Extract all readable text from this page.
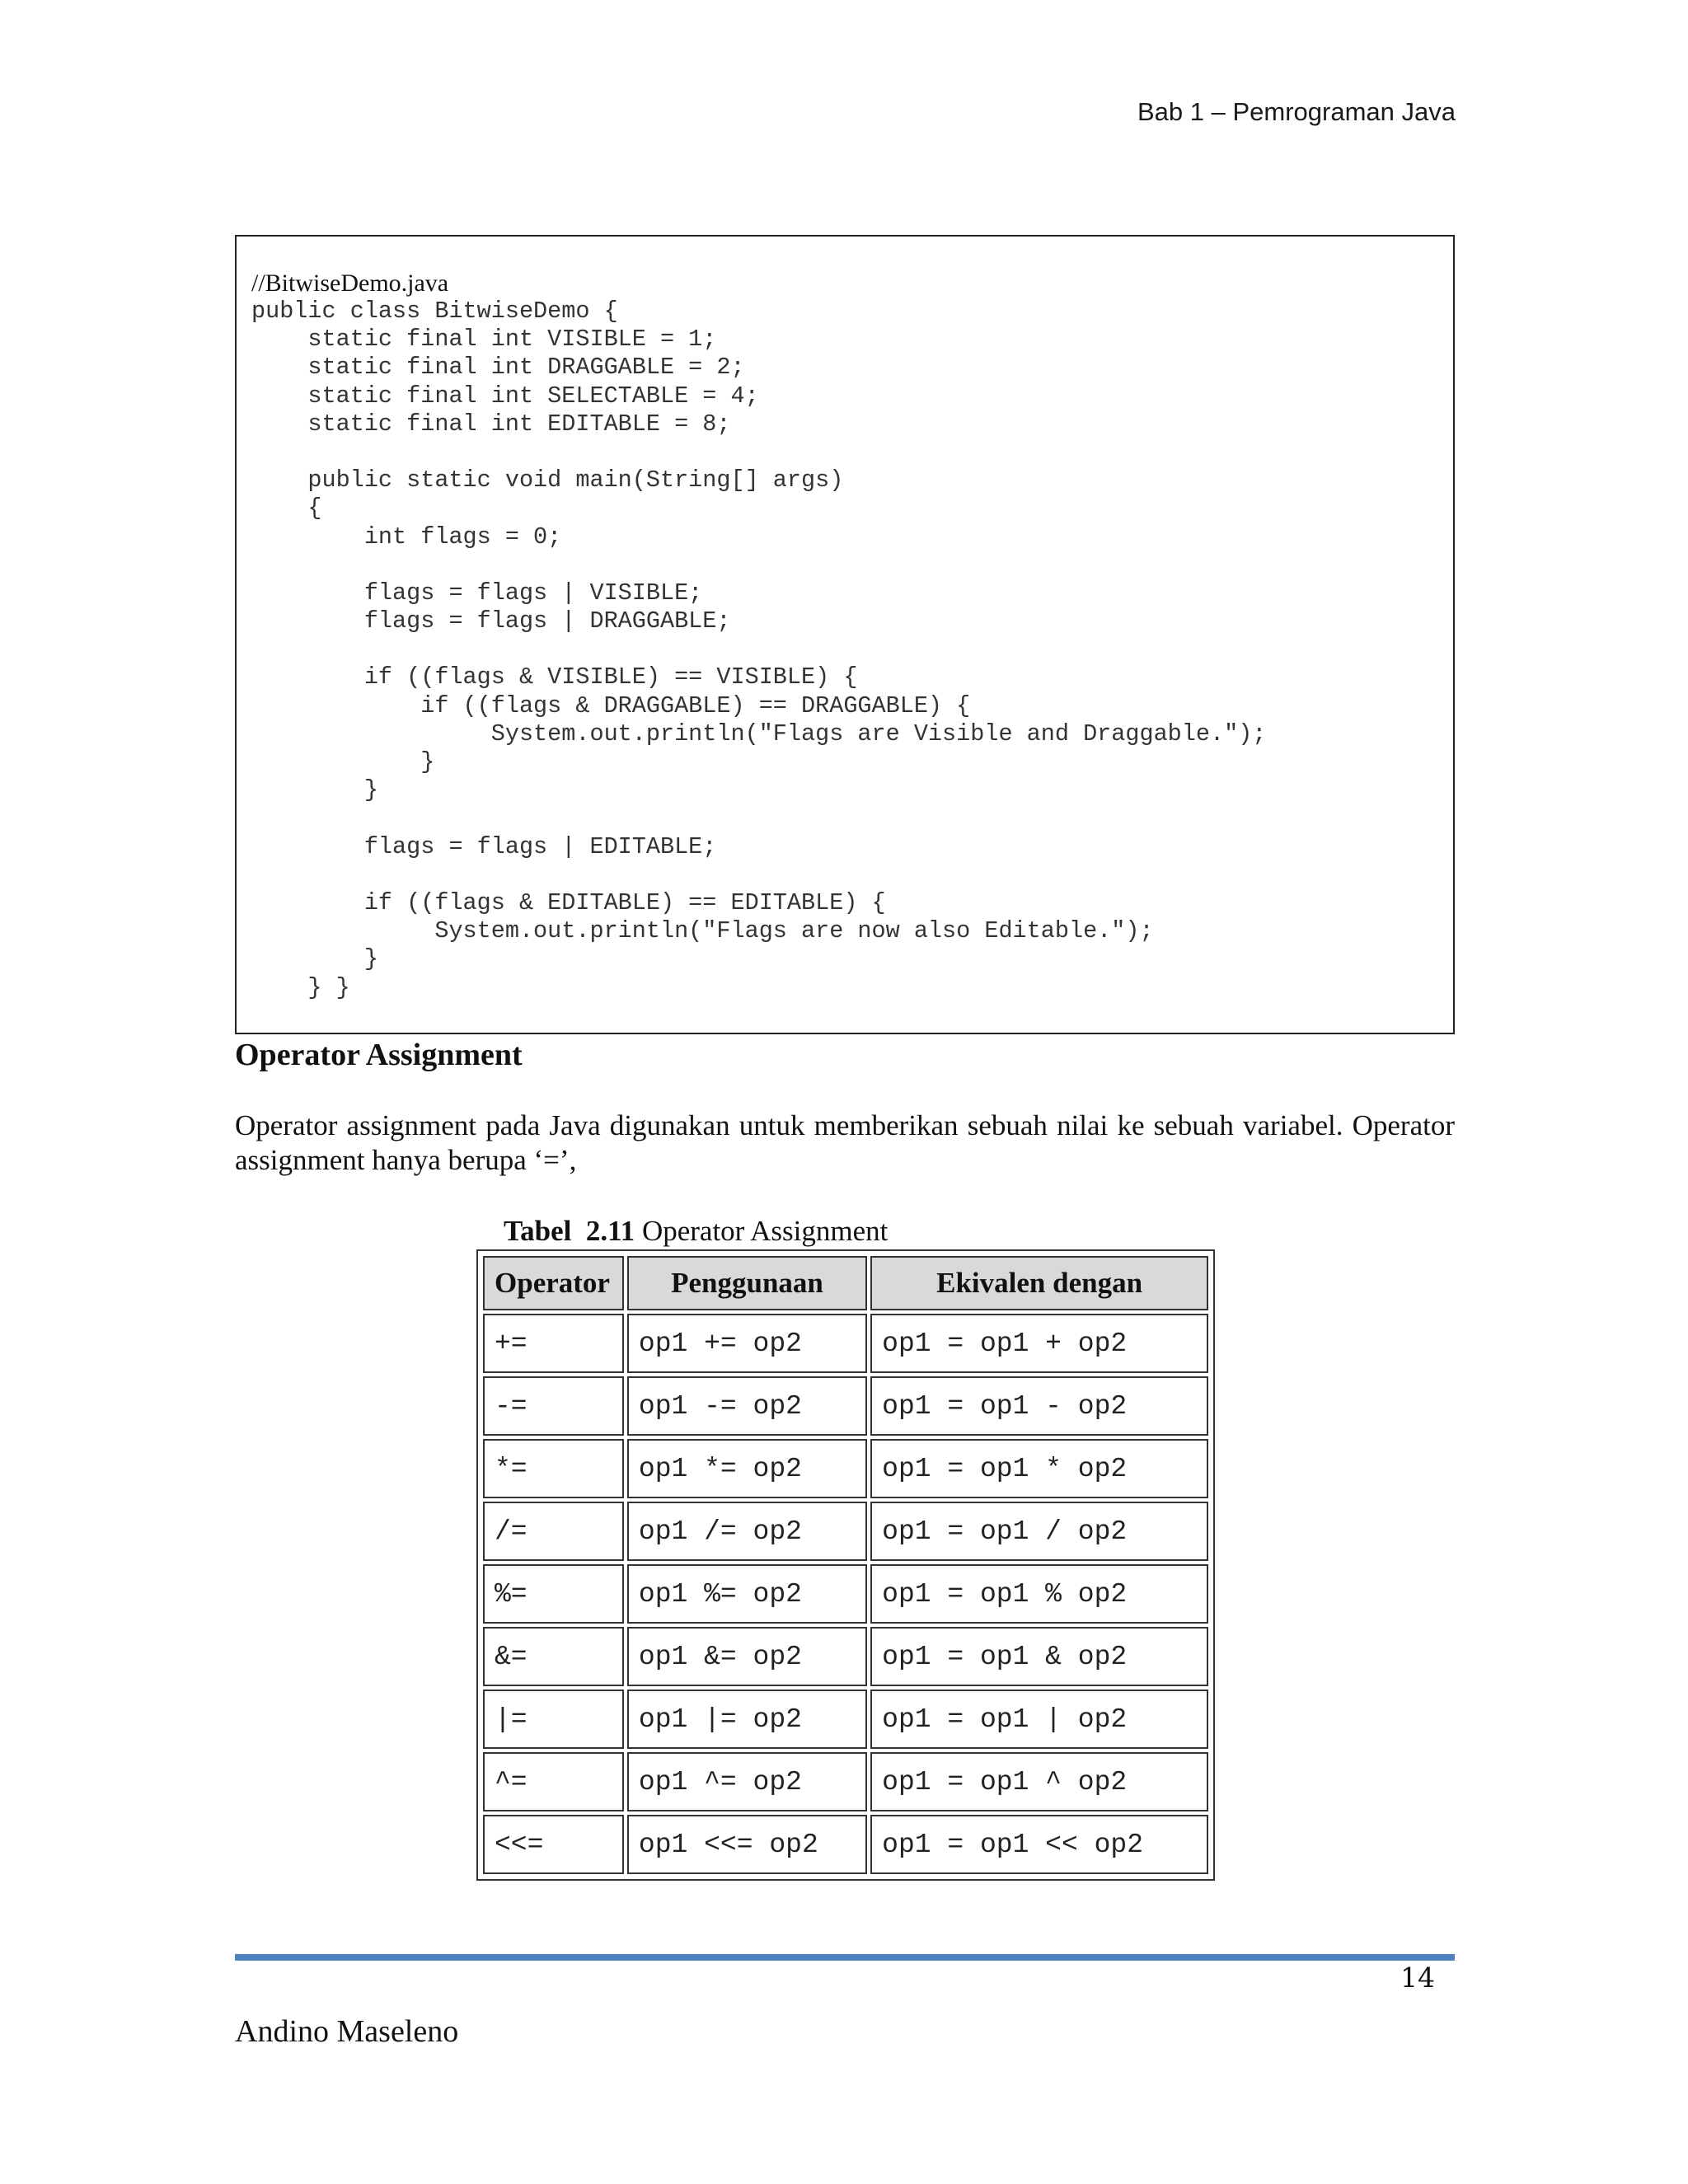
Bab 1 – Pemrograman Java
//BitwiseDemo.java
public class BitwiseDemo {
static final int VISIBLE = 1;
static final int DRAGGABLE = 2;
static final int SELECTABLE = 4;
static final int EDITABLE = 8;
public static void main(String[] args)
{
int flags = 0;
flags = flags | VISIBLE;
flags = flags | DRAGGABLE;
if ((flags & VISIBLE) == VISIBLE) {
if ((flags & DRAGGABLE) == DRAGGABLE) {
System.out.println("Flags are Visible and Draggable.");
}
}
flags = flags | EDITABLE;
if ((flags & EDITABLE) == EDITABLE) {
System.out.println("Flags are now also Editable.");
}
} }
Operator Assignment

Operator assignment pada Java digunakan untuk memberikan sebuah nilai ke sebuah variabel. Operator assignment hanya berupa ‘=’,

Tabel  2.11 Operator Assignment
Operator	Penggunaan	Ekivalen dengan
+=	op1 += op2	op1 = op1 + op2
-=	op1 -= op2	op1 = op1 - op2
*=	op1 *= op2	op1 = op1 * op2
/=	op1 /= op2	op1 = op1 / op2
%=	op1 %= op2	op1 = op1 % op2
&=	op1 &= op2	op1 = op1 & op2
|=	op1 |= op2	op1 = op1 | op2
^=	op1 ^= op2	op1 = op1 ^ op2
<<=	op1 <<= op2	op1 = op1 << op2
14
Andino Maseleno
